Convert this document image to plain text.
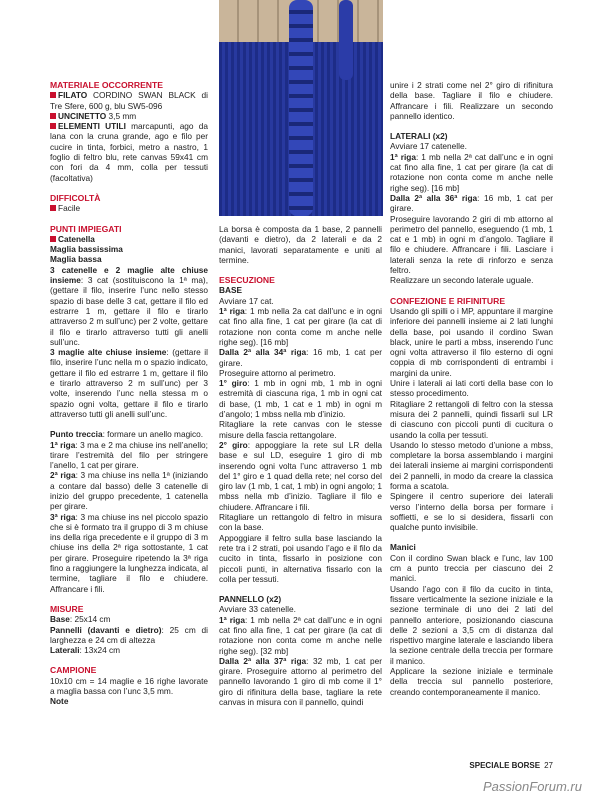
MATERIALE OCCORRENTE

FILATO CORDINO SWAN BLACK di Tre Sfere, 600 g, blu SW5-096

UNCINETTO 3,5 mm

ELEMENTI UTILI marcapunti, ago da lana con la cruna grande, ago e filo per cucire in tinta, forbici, metro a nastro, 1 foglio di feltro blu, rete canvas 59x41 cm con fori da 4 mm, colla per tessuti (facoltativa)

DIFFICOLTÀ

Facile

PUNTI IMPIEGATI

Catenella

Maglia bassissima

Maglia bassa

3 catenelle e 2 maglie alte chiuse insieme: 3 cat (sostituiscono la 1ª ma), (gettare il filo, inserire l’unc nello stesso spazio di base delle 3 cat, gettare il filo ed estrarre 1 m, gettare il filo e tirarlo attraverso 2 m sull’unc) per 2 volte, gettare il filo e tirarlo attraverso tutti gli anelli sull’unc.

3 maglie alte chiuse insieme: (gettare il filo, inserire l’unc nella m o spazio indicato, gettare il filo ed estrarre 1 m, gettare il filo e tirarlo attraverso 2 m sull’unc) per 3 volte, inserendo l’unc nella stessa m o spazio ogni volta, gettare il filo e tirarlo attraverso tutti gli anelli sull’unc.

Punto treccia: formare un anello magico.

1ª riga: 3 ma e 2 ma chiuse ins nell’anello; tirare l’estremità del filo per stringere l’anello, 1 cat per girare.

2ª riga: 3 ma chiuse ins nella 1ª (iniziando a contare dal basso) delle 3 catenelle di inizio del gruppo precedente, 1 catenella per girare.

3ª riga: 3 ma chiuse ins nel piccolo spazio che si è formato tra il gruppo di 3 m chiuse ins della riga precedente e il gruppo di 3 m chiuse ins della 2ª riga sottostante, 1 cat per girare. Proseguire ripetendo la 3ª riga fino a raggiungere la lunghezza indicata, al termine, tagliare il filo e chiudere. Affrancare i fili.

MISURE

Base: 25x14 cm

Pannelli (davanti e dietro): 25 cm di larghezza e 24 cm di altezza

Laterali: 13x24 cm

CAMPIONE

10x10 cm = 14 maglie e 16 righe lavorate a maglia bassa con l’unc 3,5 mm.

Note

La borsa è composta da 1 base, 2 pannelli (davanti e dietro), da 2 laterali e da 2 manici, lavorati separatamente e uniti al termine.

ESECUZIONE

BASE

Avviare 17 cat.

1ª riga: 1 mb nella 2a cat dall’unc e in ogni cat fino alla fine, 1 cat per girare (la cat di rotazione non conta come m anche nelle righe seg). [16 mb]

Dalla 2ª alla 34ª riga: 16 mb, 1 cat per girare.

Proseguire attorno al perimetro.

1° giro: 1 mb in ogni mb, 1 mb in ogni estremità di ciascuna riga, 1 mb in ogni cat di base, (1 mb, 1 cat e 1 mb) in ogni m d’angolo; 1 mbss nella mb d’inizio.

Ritagliare la rete canvas con le stesse misure della fascia rettangolare.

2° giro: appoggiare la rete sul LR della base e sul LD, eseguire 1 giro di mb inserendo ogni volta l’unc attraverso 1 mb del 1° giro e 1 quad della rete; nel corso del giro lav (1 mb, 1 cat, 1 mb) in ogni angolo; 1 mbss nella mb d’inizio. Tagliare il filo e chiudere. Affrancare i fili.

Ritagliare un rettangolo di feltro in misura con la base.

Appoggiare il feltro sulla base lasciando la rete tra i 2 strati, poi usando l’ago e il filo da cucito in tinta, fissarlo in posizione con piccoli punti, in alternativa fissarlo con la colla per tessuti.

PANNELLO (x2)

Avviare 33 catenelle.

1ª riga: 1 mb nella 2ª cat dall’unc e in ogni cat fino alla fine, 1 cat per girare (la cat di rotazione non conta come m anche nelle righe seg). [32 mb]

Dalla 2ª alla 37ª riga: 32 mb, 1 cat per girare. Proseguire attorno al perimetro del pannello lavorando 1 giro di mb come il 1° giro di rifinitura della base, tagliare la rete canvas in misura con il pannello, quindi

unire i 2 strati come nel 2° giro di rifinitura della base. Tagliare il filo e chiudere. Affrancare i fili. Realizzare un secondo pannello identico.

LATERALI (x2)

Avviare 17 catenelle.

1ª riga: 1 mb nella 2ª cat dall’unc e in ogni cat fino alla fine, 1 cat per girare (la cat di rotazione non conta come m anche nelle righe seg). [16 mb]

Dalla 2ª alla 36ª riga: 16 mb, 1 cat per girare.

Proseguire lavorando 2 giri di mb attorno al perimetro del pannello, eseguendo (1 mb, 1 cat e 1 mb) in ogni m d’angolo. Tagliare il filo e chiudere. Affrancare i fili. Lasciare i laterali senza la rete di rinforzo e senza feltro.

Realizzare un secondo laterale uguale.

CONFEZIONE E RIFINITURE

Usando gli spilli o i MP, appuntare il margine inferiore dei pannelli insieme ai 2 lati lunghi della base, poi usando il cordino Swan black, unire le parti a mbss, inserendo l’unc ogni volta attraverso il filo esterno di ogni coppia di mb corrispondenti di entrambi i margini da unire.

Unire i laterali ai lati corti della base con lo stesso procedimento.

Ritagliare 2 rettangoli di feltro con la stessa misura dei 2 pannelli, quindi fissarli sul LR di ciascuno con piccoli punti di cucitura o usando la colla per tessuti.

Usando lo stesso metodo d’unione a mbss, completare la borsa assemblando i margini dei laterali insieme ai margini corrispondenti dei 2 pannelli, in modo da creare la classica forma a scatola.

Spingere il centro superiore dei laterali verso l’interno della borsa per formare i soffietti, e se lo si desidera, fissarli con qualche punto invisibile.

Manici

Con il cordino Swan black e l’unc, lav 100 cm a punto treccia per ciascuno dei 2 manici.

Usando l’ago con il filo da cucito in tinta, fissare verticalmente la sezione iniziale e la sezione terminale di uno dei 2 lati del pannello anteriore, posizionando ciascuna delle 2 sezioni a 3,5 cm di distanza dal rispettivo margine laterale e lasciando libera la sezione centrale della treccia per formare il manico.

Applicare la sezione iniziale e terminale della treccia sul pannello posteriore, creando contemporaneamente il manico.

SPECIALE BORSE 27
PassionForum.ru
